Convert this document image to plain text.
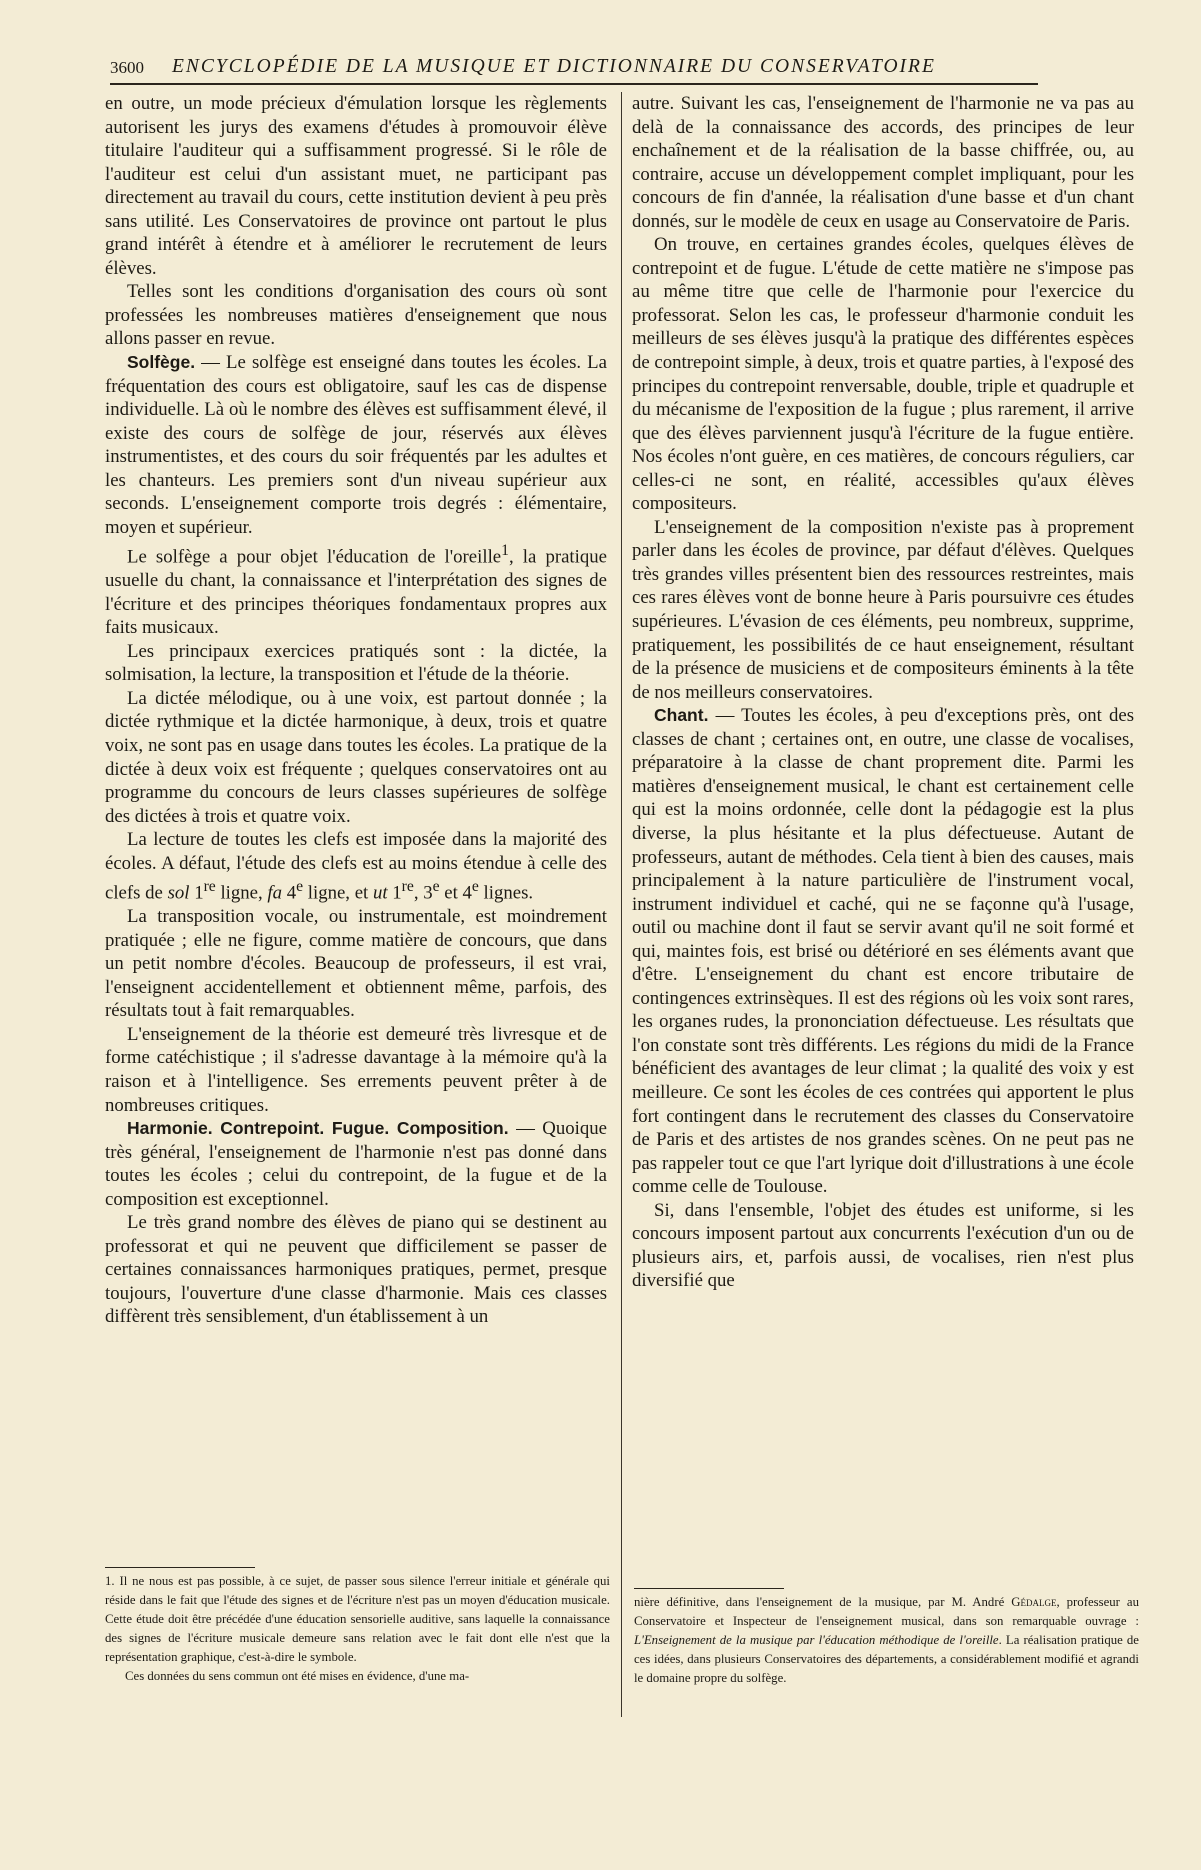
3600 ENCYCLOPÉDIE DE LA MUSIQUE ET DICTIONNAIRE DU CONSERVATOIRE

en outre, un mode précieux d'émulation lorsque les règlements autorisent les jurys des examens d'études à promouvoir élève titulaire l'auditeur qui a suffisamment progressé. Si le rôle de l'auditeur est celui d'un assistant muet, ne participant pas directement au travail du cours, cette institution devient à peu près sans utilité. Les Conservatoires de province ont partout le plus grand intérêt à étendre et à améliorer le recrutement de leurs élèves.

Telles sont les conditions d'organisation des cours où sont professées les nombreuses matières d'enseignement que nous allons passer en revue.

Solfège. — Le solfège est enseigné dans toutes les écoles. La fréquentation des cours est obligatoire, sauf les cas de dispense individuelle. Là où le nombre des élèves est suffisamment élevé, il existe des cours de solfège de jour, réservés aux élèves instrumentistes, et des cours du soir fréquentés par les adultes et les chanteurs. Les premiers sont d'un niveau supérieur aux seconds. L'enseignement comporte trois degrés : élémentaire, moyen et supérieur.

Le solfège a pour objet l'éducation de l'oreille$^1$, la pratique usuelle du chant, la connaissance et l'interprétation des signes de l'écriture et des principes théoriques fondamentaux propres aux faits musicaux.

Les principaux exercices pratiqués sont : la dictée, la solmisation, la lecture, la transposition et l'étude de la théorie.

La dictée mélodique, ou à une voix, est partout donnée ; la dictée rythmique et la dictée harmonique, à deux, trois et quatre voix, ne sont pas en usage dans toutes les écoles. La pratique de la dictée à deux voix est fréquente ; quelques conservatoires ont au programme du concours de leurs classes supérieures de solfège des dictées à trois et quatre voix.

La lecture de toutes les clefs est imposée dans la majorité des écoles. A défaut, l'étude des clefs est au moins étendue à celle des clefs de sol 1re ligne, fa 4e ligne, et ut 1re, 3e et 4e lignes.

La transposition vocale, ou instrumentale, est moindrement pratiquée ; elle ne figure, comme matière de concours, que dans un petit nombre d'écoles. Beaucoup de professeurs, il est vrai, l'enseignent accidentellement et obtiennent même, parfois, des résultats tout à fait remarquables.

L'enseignement de la théorie est demeuré très livresque et de forme catéchistique ; il s'adresse davantage à la mémoire qu'à la raison et à l'intelligence. Ses errements peuvent prêter à de nombreuses critiques.

Harmonie. Contrepoint. Fugue. Composition. — Quoique très général, l'enseignement de l'harmonie n'est pas donné dans toutes les écoles ; celui du contrepoint, de la fugue et de la composition est exceptionnel.

Le très grand nombre des élèves de piano qui se destinent au professorat et qui ne peuvent que difficilement se passer de certaines connaissances harmoniques pratiques, permet, presque toujours, l'ouverture d'une classe d'harmonie. Mais ces classes diffèrent très sensiblement, d'un établissement à un

autre. Suivant les cas, l'enseignement de l'harmonie ne va pas au delà de la connaissance des accords, des principes de leur enchaînement et de la réalisation de la basse chiffrée, ou, au contraire, accuse un développement complet impliquant, pour les concours de fin d'année, la réalisation d'une basse et d'un chant donnés, sur le modèle de ceux en usage au Conservatoire de Paris.

On trouve, en certaines grandes écoles, quelques élèves de contrepoint et de fugue. L'étude de cette matière ne s'impose pas au même titre que celle de l'harmonie pour l'exercice du professorat. Selon les cas, le professeur d'harmonie conduit les meilleurs de ses élèves jusqu'à la pratique des différentes espèces de contrepoint simple, à deux, trois et quatre parties, à l'exposé des principes du contrepoint renversable, double, triple et quadruple et du mécanisme de l'exposition de la fugue ; plus rarement, il arrive que des élèves parviennent jusqu'à l'écriture de la fugue entière. Nos écoles n'ont guère, en ces matières, de concours réguliers, car celles-ci ne sont, en réalité, accessibles qu'aux élèves compositeurs.

L'enseignement de la composition n'existe pas à proprement parler dans les écoles de province, par défaut d'élèves. Quelques très grandes villes présentent bien des ressources restreintes, mais ces rares élèves vont de bonne heure à Paris poursuivre ces études supérieures. L'évasion de ces éléments, peu nombreux, supprime, pratiquement, les possibilités de ce haut enseignement, résultant de la présence de musiciens et de compositeurs éminents à la tête de nos meilleurs conservatoires.

Chant. — Toutes les écoles, à peu d'exceptions près, ont des classes de chant ; certaines ont, en outre, une classe de vocalises, préparatoire à la classe de chant proprement dite. Parmi les matières d'enseignement musical, le chant est certainement celle qui est la moins ordonnée, celle dont la pédagogie est la plus diverse, la plus hésitante et la plus défectueuse. Autant de professeurs, autant de méthodes. Cela tient à bien des causes, mais principalement à la nature particulière de l'instrument vocal, instrument individuel et caché, qui ne se façonne qu'à l'usage, outil ou machine dont il faut se servir avant qu'il ne soit formé et qui, maintes fois, est brisé ou détérioré en ses éléments avant que d'être. L'enseignement du chant est encore tributaire de contingences extrinsèques. Il est des régions où les voix sont rares, les organes rudes, la prononciation défectueuse. Les résultats que l'on constate sont très différents. Les régions du midi de la France bénéficient des avantages de leur climat ; la qualité des voix y est meilleure. Ce sont les écoles de ces contrées qui apportent le plus fort contingent dans le recrutement des classes du Conservatoire de Paris et des artistes de nos grandes scènes. On ne peut pas ne pas rappeler tout ce que l'art lyrique doit d'illustrations à une école comme celle de Toulouse.

Si, dans l'ensemble, l'objet des études est uniforme, si les concours imposent partout aux concurrents l'exécution d'un ou de plusieurs airs, et, parfois aussi, de vocalises, rien n'est plus diversifié que

1. Il ne nous est pas possible, à ce sujet, de passer sous silence l'erreur initiale et générale qui réside dans le fait que l'étude des signes et de l'écriture n'est pas un moyen d'éducation musicale. Cette étude doit être précédée d'une éducation sensorielle auditive, sans laquelle la connaissance des signes de l'écriture musicale demeure sans relation avec le fait dont elle n'est que la représentation graphique, c'est-à-dire le symbole.

Ces données du sens commun ont été mises en évidence, d'une ma-

nière définitive, dans l'enseignement de la musique, par M. André Gédalge, professeur au Conservatoire et Inspecteur de l'enseignement musical, dans son remarquable ouvrage : L'Enseignement de la musique par l'éducation méthodique de l'oreille. La réalisation pratique de ces idées, dans plusieurs Conservatoires des départements, a considérablement modifié et agrandi le domaine propre du solfège.
